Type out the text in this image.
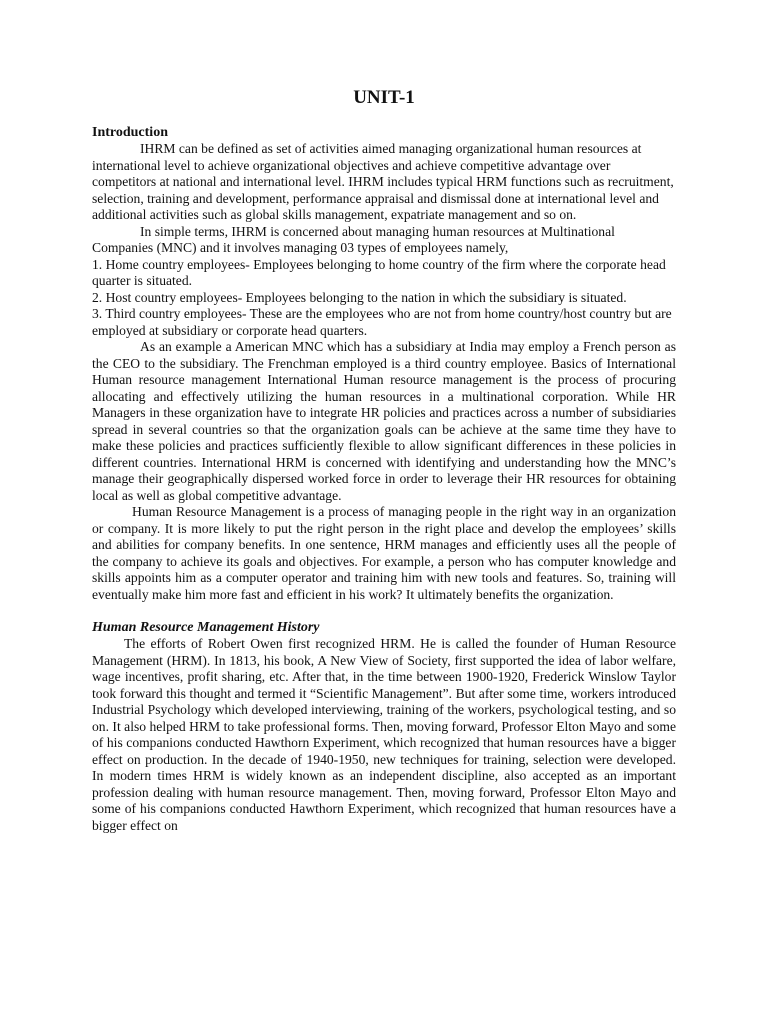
UNIT-1
Introduction

IHRM can be defined as set of activities aimed managing organizational human resources at international level to achieve organizational objectives and achieve competitive advantage over competitors at national and international level. IHRM includes typical HRM functions such as recruitment, selection, training and development, performance appraisal and dismissal done at international level and additional activities such as global skills management, expatriate management and so on.

In simple terms, IHRM is concerned about managing human resources at Multinational Companies (MNC) and it involves managing 03 types of employees namely,

1. Home country employees- Employees belonging to home country of the firm where the corporate head quarter is situated.

2. Host country employees- Employees belonging to the nation in which the subsidiary is situated.

3. Third country employees- These are the employees who are not from home country/host country but are employed at subsidiary or corporate head quarters.

As an example a American MNC which has a subsidiary at India may employ a French person as the CEO to the subsidiary. The Frenchman employed is a third country employee. Basics of International Human resource management International Human resource management is the process of procuring allocating and effectively utilizing the human resources in a multinational corporation. While HR Managers in these organization have to integrate HR policies and practices across a number of subsidiaries spread in several countries so that the organization goals can be achieve at the same time they have to make these policies and practices sufficiently flexible to allow significant differences in these policies in different countries. International HRM is concerned with identifying and understanding how the MNC’s manage their geographically dispersed worked force in order to leverage their HR resources for obtaining local as well as global competitive advantage.

Human Resource Management is a process of managing people in the right way in an organization or company. It is more likely to put the right person in the right place and develop the employees’ skills and abilities for company benefits. In one sentence, HRM manages and efficiently uses all the people of the company to achieve its goals and objectives. For example, a person who has computer knowledge and skills appoints him as a computer operator and training him with new tools and features. So, training will eventually make him more fast and efficient in his work? It ultimately benefits the organization.

Human Resource Management History

The efforts of Robert Owen first recognized HRM. He is called the founder of Human Resource Management (HRM). In 1813, his book, A New View of Society, first supported the idea of labor welfare, wage incentives, profit sharing, etc. After that, in the time between 1900-1920, Frederick Winslow Taylor took forward this thought and termed it “Scientific Management”. But after some time, workers introduced Industrial Psychology which developed interviewing, training of the workers, psychological testing, and so on. It also helped HRM to take professional forms. Then, moving forward, Professor Elton Mayo and some of his companions conducted Hawthorn Experiment, which recognized that human resources have a bigger effect on production. In the decade of 1940-1950, new techniques for training, selection were developed. In modern times HRM is widely known as an independent discipline, also accepted as an important profession dealing with human resource management. Then, moving forward, Professor Elton Mayo and some of his companions conducted Hawthorn Experiment, which recognized that human resources have a bigger effect on
